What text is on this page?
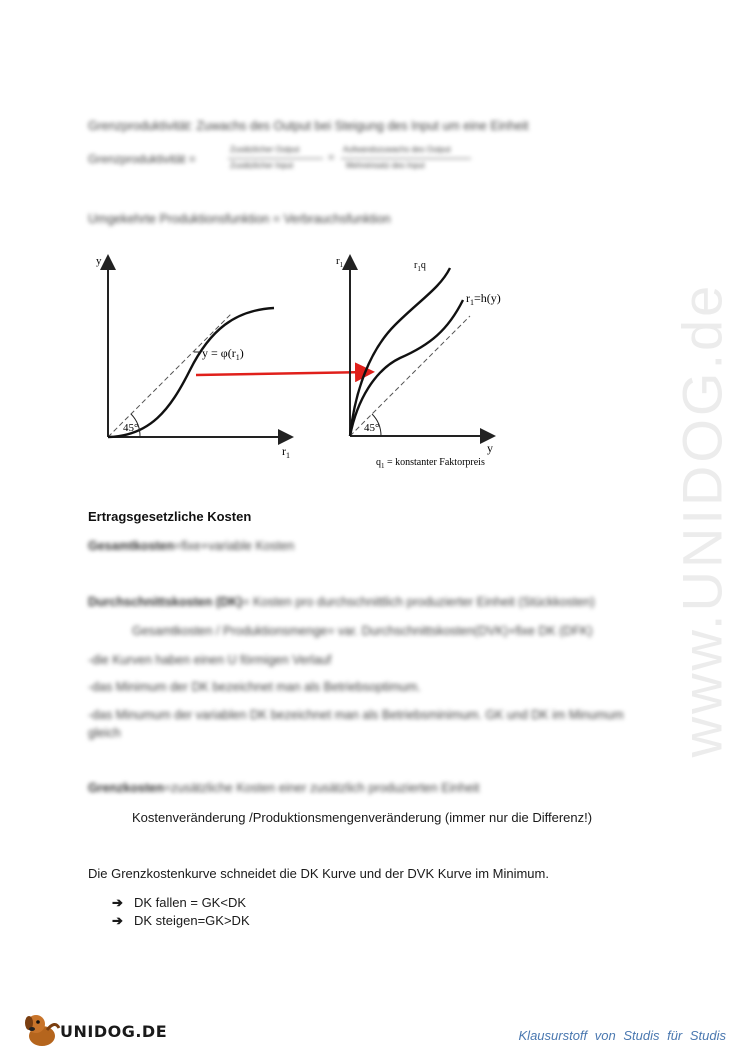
www.UNIDOG.de
Grenzproduktivität: Zuwachs des Output bei Steigung des Input um eine Einheit
Grenzproduktivität =
Zusätzlicher Output
Zusätzlicher Input
=
Aufwandszuwachs des Output
Mehreinsatz des Input
Umgekehrte Produktionsfunktion = Verbrauchsfunktion
y
$r_1$
45°
$y = \varphi(r_1)$
$r_1$
y
45°
$r_1q$
$r_1=h(y)$
$q_1$ = konstanter Faktorpreis
Ertragsgesetzliche Kosten
Gesamtkosten=fixe+variable Kosten
Durchschnittskosten (DK)= Kosten pro durchschnittlich produzierter Einheit (Stückkosten)
Gesamtkosten / Produktionsmenge= var. Durchschnittskosten(DVK)+fixe DK (DFK)
-die Kurven haben einen U förmigen Verlauf
-das Minimum der DK bezeichnet man als Betriebsoptimum.
-das Minumum der variablen DK bezeichnet man als Betriebsminimum. GK und DK im Minumum
gleich
Grenzkosten=zusätzliche Kosten einer zusätzlich produzierten Einheit
Kostenveränderung /Produktionsmengenveränderung (immer nur die Differenz!)
Die Grenzkostenkurve schneidet die DK Kurve und der DVK Kurve im Minimum.
➔ DK fallen = GK<DK
➔ DK steigen=GK>DK
UNIDOG.DE	Klausurstoff von Studis für Studis
